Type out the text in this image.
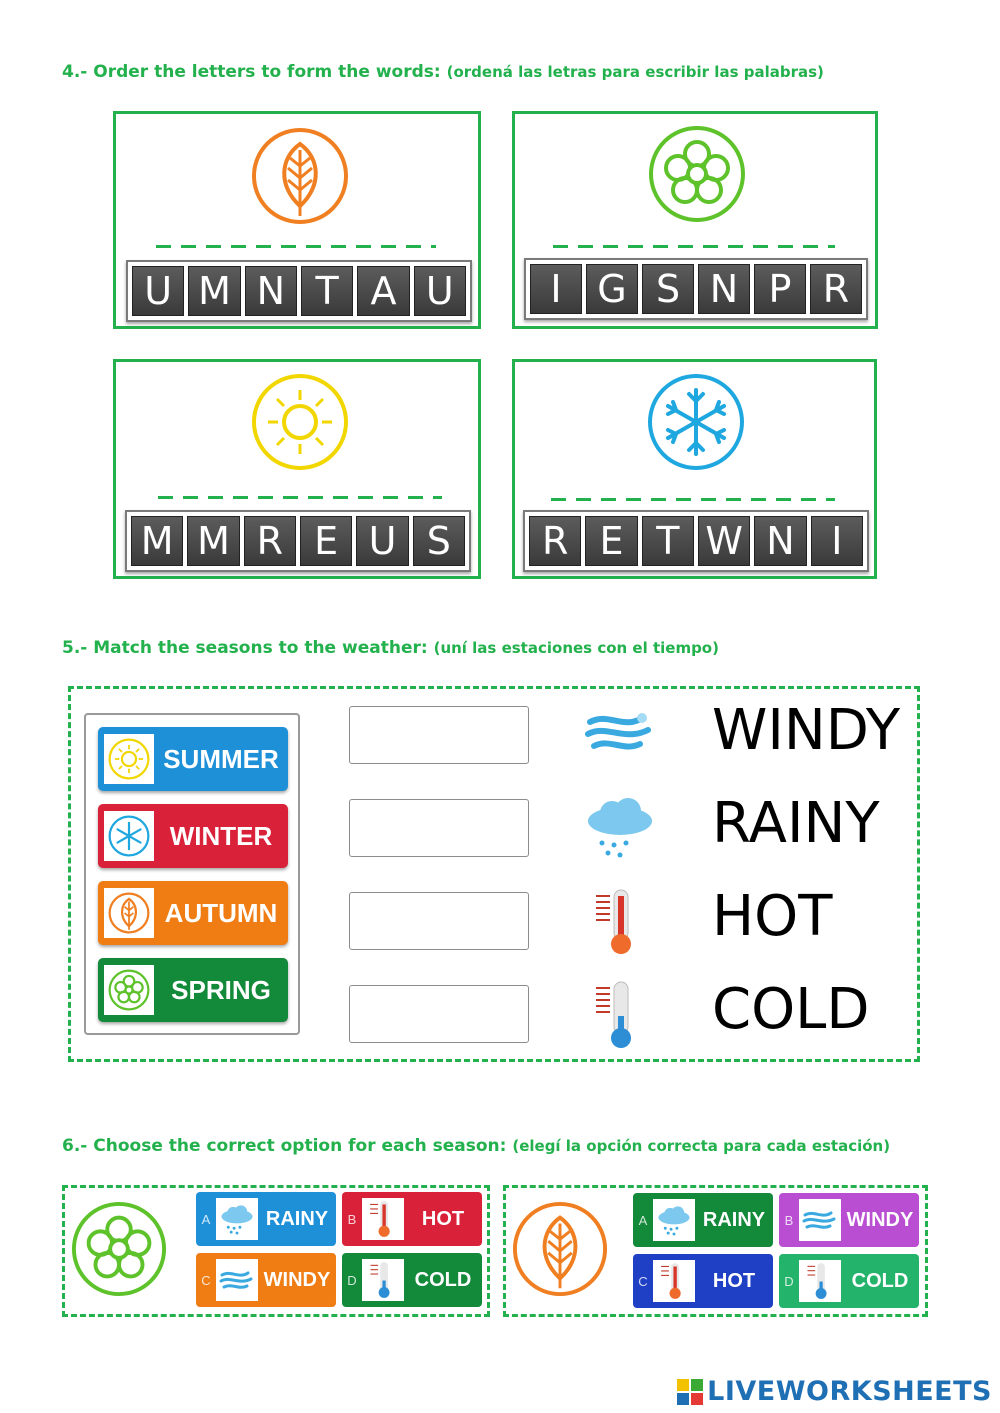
4.- Order the letters to form the words: (ordená las letras para escribir las palabras)
U M N T A U	I G S N P R
M M R E U S	R E T W N I
5.- Match the seasons to the weather: (uní las estaciones con el tiempo)
SUMMER
WINTER
AUTUMN
SPRING
WINDY
RAINY
HOT
COLD
6.- Choose the correct option for each season: (elegí la opción correcta para cada estación)
A	RAINY	B	HOT
C	WINDY	D	COLD
A	RAINY	B	WINDY
C	HOT	D	COLD
LIVEWORKSHEETS
